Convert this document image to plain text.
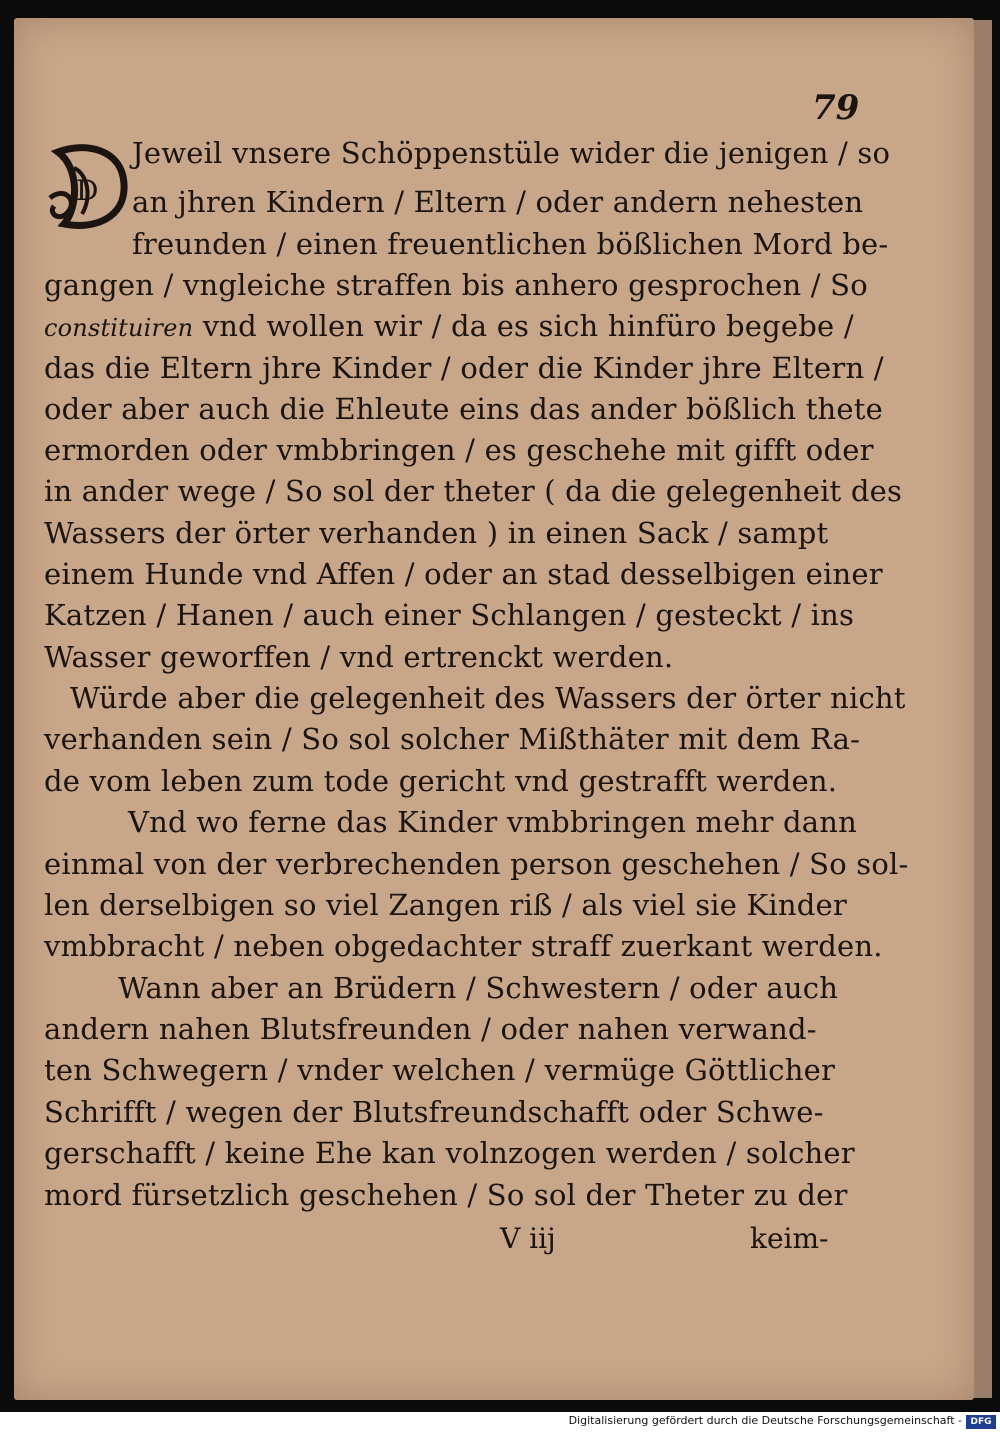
79
D
Jeweil vnsere Schöppenstüle wider die jenigen / so
an jhren Kindern / Eltern / oder andern nehesten
freunden / einen freuentlichen bößlichen Mord be-
gangen / vngleiche straffen bis anhero gesprochen / So
constituiren vnd wollen wir / da es sich hinfüro begebe /
das die Eltern jhre Kinder / oder die Kinder jhre Eltern /
oder aber auch die Ehleute eins das ander bößlich thete
ermorden oder vmbbringen / es geschehe mit gifft oder
in ander wege / So sol der theter ( da die gelegenheit des
Wassers der örter verhanden ) in einen Sack / sampt
einem Hunde vnd Affen / oder an stad desselbigen einer
Katzen / Hanen / auch einer Schlangen / gesteckt / ins
Wasser geworffen / vnd ertrenckt werden.
Würde aber die gelegenheit des Wassers der örter nicht
verhanden sein / So sol solcher Mißthäter mit dem Ra-
de vom leben zum tode gericht vnd gestrafft werden.
Vnd wo ferne das Kinder vmbbringen mehr dann
einmal von der verbrechenden person geschehen / So sol-
len derselbigen so viel Zangen riß / als viel sie Kinder
vmbbracht / neben obgedachter straff zuerkant werden.
Wann aber an Brüdern / Schwestern / oder auch
andern nahen Blutsfreunden / oder nahen verwand-
ten Schwegern / vnder welchen / vermüge Göttlicher
Schrifft / wegen der Blutsfreundschafft oder Schwe-
gerschafft / keine Ehe kan volnzogen werden / solcher
mord fürsetzlich geschehen / So sol der Theter zu der
V iij	keim-
Digitalisierung gefördert durch die Deutsche Forschungsgemeinschaft - DFG
